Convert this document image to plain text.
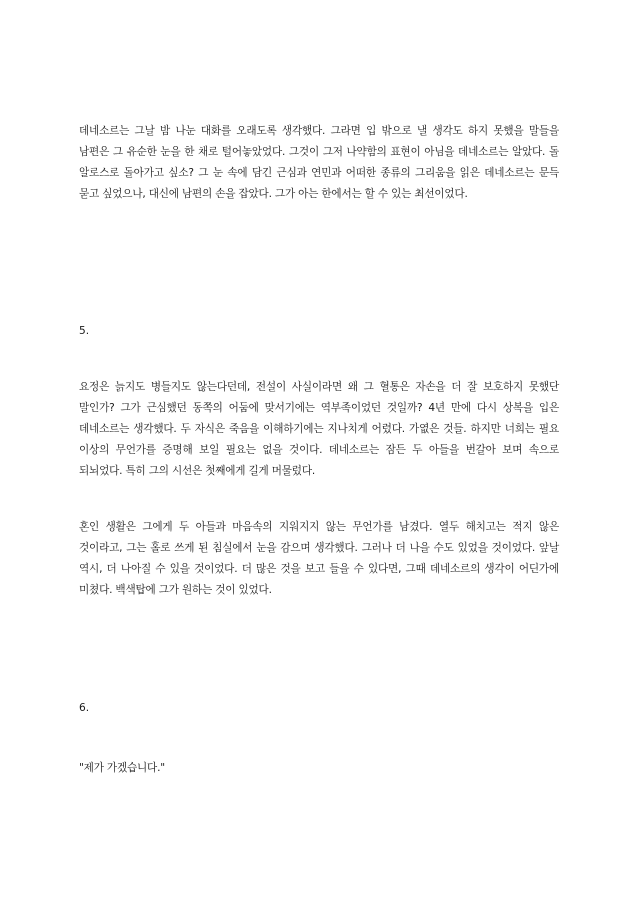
데네소르는 그날 밤 나눈 대화를 오래도록 생각했다. 그라면 입 밖으로 낼 생각도 하지 못했을 말들을 남편은 그 유순한 눈을 한 채로 털어놓았었다. 그것이 그저 나약함의 표현이 아님을 데네소르는 알았다. 돌 알로스로 돌아가고 싶소? 그 눈 속에 담긴 근심과 연민과 어떠한 종류의 그리움을 읽은 데네소르는 문득 묻고 싶었으나, 대신에 남편의 손을 잡았다. 그가 아는 한에서는 할 수 있는 최선이었다.

5.

요정은 늙지도 병들지도 않는다던데, 전설이 사실이라면 왜 그 혈통은 자손을 더 잘 보호하지 못했단 말인가? 그가 근심했던 동쪽의 어둠에 맞서기에는 역부족이었던 것일까? 4년 만에 다시 상복을 입은 데네소르는 생각했다. 두 자식은 죽음을 이해하기에는 지나치게 어렸다. 가엾은 것들. 하지만 너희는 필요 이상의 무언가를 증명해 보일 필요는 없을 것이다. 데네소르는 잠든 두 아들을 번갈아 보며 속으로 되뇌었다. 특히 그의 시선은 첫째에게 길게 머물렀다.

혼인 생활은 그에게 두 아들과 마음속의 지워지지 않는 무언가를 남겼다. 열두 해치고는 적지 않은 것이라고, 그는 홀로 쓰게 된 침실에서 눈을 감으며 생각했다. 그러나 더 나을 수도 있었을 것이었다. 앞날 역시, 더 나아질 수 있을 것이었다. 더 많은 것을 보고 들을 수 있다면, 그때 데네소르의 생각이 어딘가에 미쳤다. 백색탑에 그가 원하는 것이 있었다.

6.

"제가 가겠습니다."
